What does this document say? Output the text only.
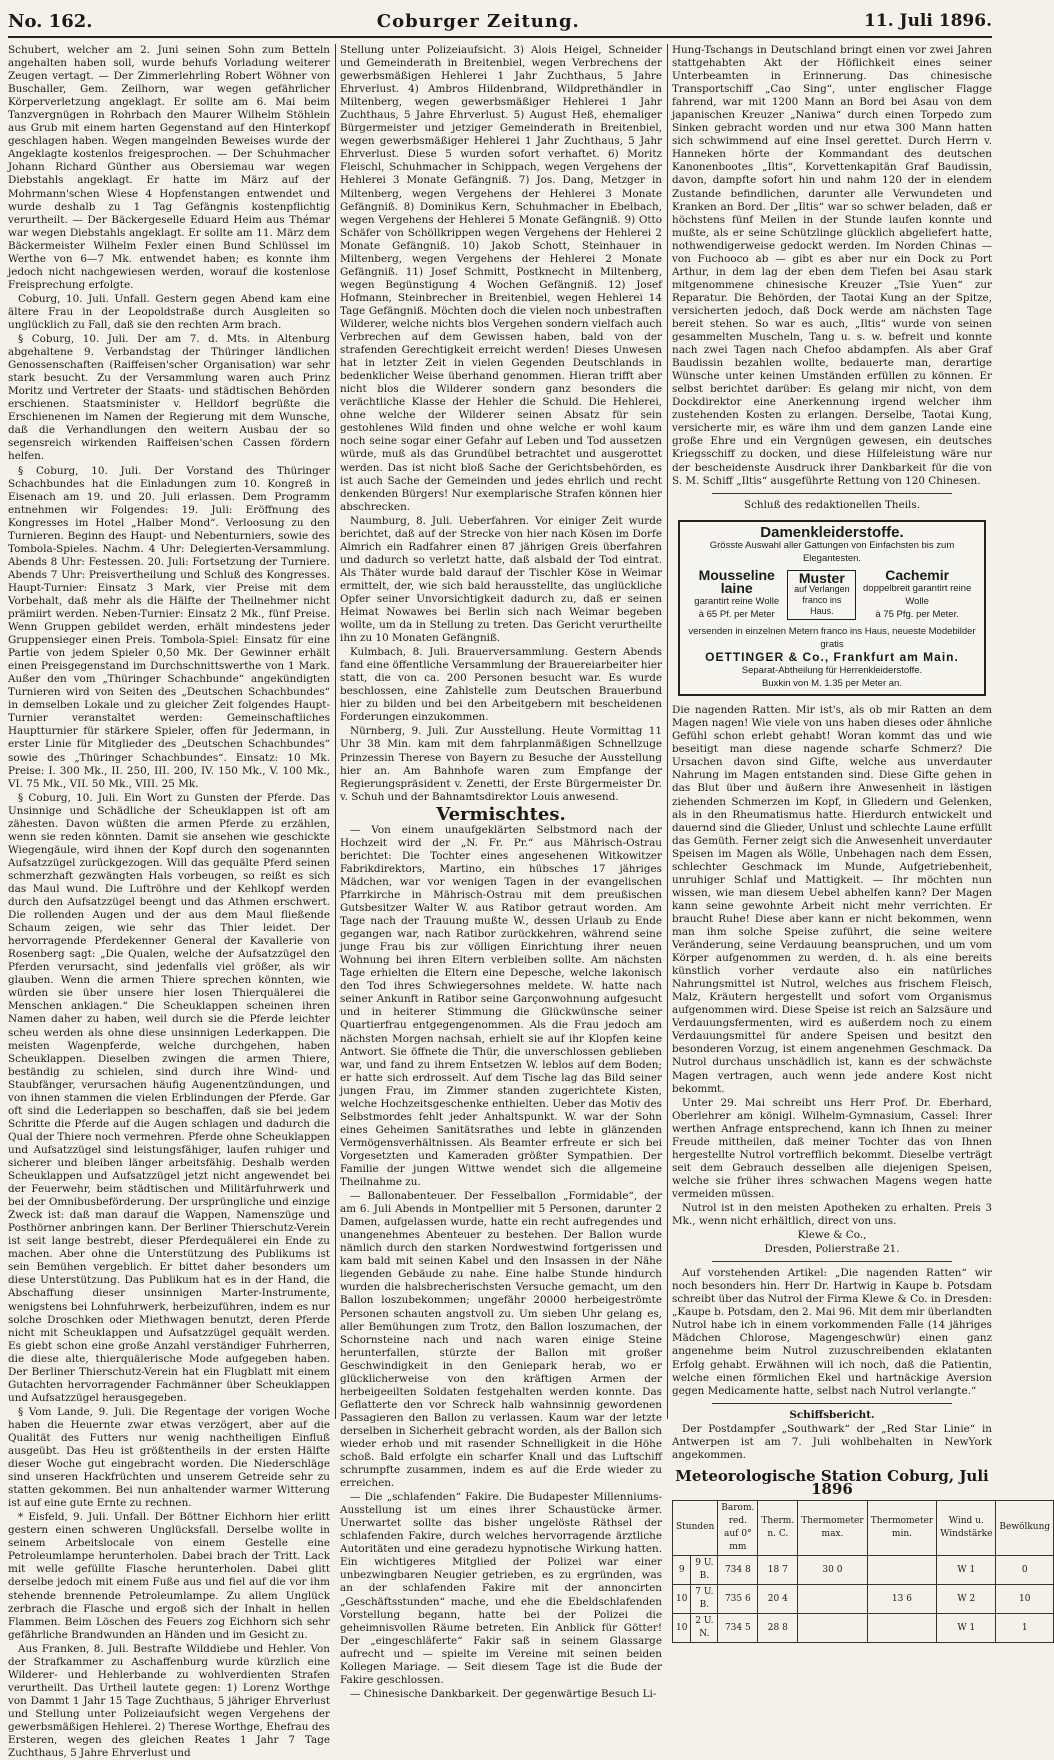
No. 162.	Coburger Zeitung.	11. Juli 1896.

Schubert, welcher am 2. Juni seinen Sohn zum Betteln angehalten haben soll, wurde behufs Vorladung weiterer Zeugen vertagt. — Der Zimmerlehrling Robert Wöhner von Buschaller, Gem. Zeilhorn, war wegen gefährlicher Körperverletzung angeklagt. Er sollte am 6. Mai beim Tanzvergnügen in Rohrbach den Maurer Wilhelm Stöhlein aus Grub mit einem harten Gegenstand auf den Hinterkopf geschlagen haben. Wegen mangelnden Beweises wurde der Angeklagte kostenlos freigesprochen. — Der Schuhmacher Johann Richard Günther aus Obersiemau war wegen Diebstahls angeklagt. Er hatte im März auf der Mohrmann'schen Wiese 4 Hopfenstangen entwendet und wurde deshalb zu 1 Tag Gefängnis kostenpflichtig verurtheilt. — Der Bäckergeselle Eduard Heim aus Thémar war wegen Diebstahls angeklagt. Er sollte am 11. März dem Bäckermeister Wilhelm Fexler einen Bund Schlüssel im Werthe von 6—7 Mk. entwendet haben; es konnte ihm jedoch nicht nachgewiesen werden, worauf die kostenlose Freisprechung erfolgte.

Coburg, 10. Juli. Unfall. Gestern gegen Abend kam eine ältere Frau in der Leopoldstraße durch Ausgleiten so unglücklich zu Fall, daß sie den rechten Arm brach.

§ Coburg, 10. Juli. Der am 7. d. Mts. in Altenburg abgehaltene 9. Verbandstag der Thüringer ländlichen Genossenschaften (Raiffeisen'scher Organisation) war sehr stark besucht. Zu der Versammlung waren auch Prinz Moritz und Vertreter der Staats- und städtischen Behörden erschienen. Staatsminister v. Helldorf begrüßte die Erschienenen im Namen der Regierung mit dem Wunsche, daß die Verhandlungen den weitern Ausbau der so segensreich wirkenden Raiffeisen'schen Cassen fördern helfen.

§ Coburg, 10. Juli. Der Vorstand des Thüringer Schachbundes hat die Einladungen zum 10. Kongreß in Eisenach am 19. und 20. Juli erlassen. Dem Programm entnehmen wir Folgendes: 19. Juli: Eröffnung des Kongresses im Hotel „Halber Mond“. Verloosung zu den Turnieren. Beginn des Haupt- und Nebenturniers, sowie des Tombola-Spieles. Nachm. 4 Uhr: Delegierten-Versammlung. Abends 8 Uhr: Festessen. 20. Juli: Fortsetzung der Turniere. Abends 7 Uhr: Preisvertheilung und Schluß des Kongresses. Haupt-Turnier: Einsatz 3 Mark, vier Preise mit dem Vorbehalt, daß mehr als die Hälfte der Theilnehmer nicht prämiirt werden. Neben-Turnier: Einsatz 2 Mk., fünf Preise. Wenn Gruppen gebildet werden, erhält mindestens jeder Gruppensieger einen Preis. Tombola-Spiel: Einsatz für eine Partie von jedem Spieler 0,50 Mk. Der Gewinner erhält einen Preisgegenstand im Durchschnittswerthe von 1 Mark. Außer den vom „Thüringer Schachbunde“ angekündigten Turnieren wird von Seiten des „Deutschen Schachbundes“ in demselben Lokale und zu gleicher Zeit folgendes Haupt-Turnier veranstaltet werden: Gemeinschaftliches Hauptturnier für stärkere Spieler, offen für Jedermann, in erster Linie für Mitglieder des „Deutschen Schachbundes“ sowie des „Thüringer Schachbundes“. Einsatz: 10 Mk. Preise: I. 300 Mk., II. 250, III. 200, IV. 150 Mk., V. 100 Mk., VI. 75 Mk., VII. 50 Mk., VIII. 25 Mk.

§ Coburg, 10. Juli. Ein Wort zu Gunsten der Pferde. Das Unsinnige und Schädliche der Scheuklappen ist oft am zähesten. Davon wüßten die armen Pferde zu erzählen, wenn sie reden könnten. Damit sie ansehen wie geschickte Wiegengäule, wird ihnen der Kopf durch den sogenannten Aufsatzzügel zurückgezogen. Will das gequälte Pferd seinen schmerzhaft gezwängten Hals vorbeugen, so reißt es sich das Maul wund. Die Luftröhre und der Kehlkopf werden durch den Aufsatzzügel beengt und das Athmen erschwert. Die rollenden Augen und der aus dem Maul fließende Schaum zeigen, wie sehr das Thier leidet. Der hervorragende Pferdekenner General der Kavallerie von Rosenberg sagt: „Die Qualen, welche der Aufsatzzügel den Pferden verursacht, sind jedenfalls viel größer, als wir glauben. Wenn die armen Thiere sprechen könnten, wie würden sie über unsere hier losen Thierquälerei die Menschen anklagen.“ Die Scheuklappen scheinen ihren Namen daher zu haben, weil durch sie die Pferde leichter scheu werden als ohne diese unsinnigen Lederkappen. Die meisten Wagenpferde, welche durchgehen, haben Scheuklappen. Dieselben zwingen die armen Thiere, beständig zu schielen, sind durch ihre Wind- und Staubfänger, verursachen häufig Augenentzündungen, und von ihnen stammen die vielen Erblindungen der Pferde. Gar oft sind die Lederlappen so beschaffen, daß sie bei jedem Schritte die Pferde auf die Augen schlagen und dadurch die Qual der Thiere noch vermehren. Pferde ohne Scheuklappen und Aufsatzzügel sind leistungsfähiger, laufen ruhiger und sicherer und bleiben länger arbeitsfähig. Deshalb werden Scheuklappen und Aufsatzzügel jetzt nicht angewendet bei der Feuerwehr, beim städtischen und Militärfuhrwerk und bei der Omnibusbeförderung. Der ursprüngliche und einzige Zweck ist: daß man darauf die Wappen, Namenszüge und Posthörner anbringen kann. Der Berliner Thierschutz-Verein ist seit lange bestrebt, dieser Pferdequälerei ein Ende zu machen. Aber ohne die Unterstützung des Publikums ist sein Bemühen vergeblich. Er bittet daher besonders um diese Unterstützung. Das Publikum hat es in der Hand, die Abschaffung dieser unsinnigen Marter-Instrumente, wenigstens bei Lohnfuhrwerk, herbeizuführen, indem es nur solche Droschken oder Miethwagen benutzt, deren Pferde nicht mit Scheuklappen und Aufsatzzügel gequält werden. Es giebt schon eine große Anzahl verständiger Fuhrherren, die diese alte, thierquälerische Mode aufgegeben haben. Der Berliner Thierschutz-Verein hat ein Flugblatt mit einem Gutachten hervorragender Fachmänner über Scheuklappen und Aufsatzzügel herausgegeben.

§ Vom Lande, 9. Juli. Die Regentage der vorigen Woche haben die Heuernte zwar etwas verzögert, aber auf die Qualität des Futters nur wenig nachtheiligen Einfluß ausgeübt. Das Heu ist größtentheils in der ersten Hälfte dieser Woche gut eingebracht worden. Die Niederschläge sind unseren Hackfrüchten und unserem Getreide sehr zu statten gekommen. Bei nun anhaltender warmer Witterung ist auf eine gute Ernte zu rechnen.

* Eisfeld, 9. Juli. Unfall. Der Böttner Eichhorn hier erlitt gestern einen schweren Unglücksfall. Derselbe wollte in seinem Arbeitslocale von einem Gestelle eine Petroleumlampe herunterholen. Dabei brach der Tritt. Lack mit welle gefüllte Flasche herunterholen. Dabei glitt derselbe jedoch mit einem Fuße aus und fiel auf die vor ihm stehende brennende Petroleumlampe. Zu allem Unglück zerbrach die Flasche und ergoß sich der Inhalt in hellen Flammen. Beim Löschen des Feuers zog Eichhorn sich sehr gefährliche Brandwunden an Händen und im Gesicht zu.

Aus Franken, 8. Juli. Bestrafte Wilddiebe und Hehler. Von der Strafkammer zu Aschaffenburg wurde kürzlich eine Wilderer- und Hehlerbande zu wohlverdienten Strafen verurtheilt. Das Urtheil lautete gegen: 1) Lorenz Worthge von Dammt 1 Jahr 15 Tage Zuchthaus, 5 jähriger Ehrverlust und Stellung unter Polizeiaufsicht wegen Vergehens der gewerbsmäßigen Hehlerei. 2) Therese Worthge, Ehefrau des Ersteren, wegen des gleichen Reates 1 Jahr 7 Tage Zuchthaus, 5 Jahre Ehrverlust und

Stellung unter Polizeiaufsicht. 3) Alois Heigel, Schneider und Gemeinderath in Breitenbiel, wegen Verbrechens der gewerbsmäßigen Hehlerei 1 Jahr Zuchthaus, 5 Jahre Ehrverlust. 4) Ambros Hildenbrand, Wildprethändler in Miltenberg, wegen gewerbsmäßiger Hehlerei 1 Jahr Zuchthaus, 5 Jahre Ehrverlust. 5) August Heß, ehemaliger Bürgermeister und jetziger Gemeinderath in Breitenbiel, wegen gewerbsmäßiger Hehlerei 1 Jahr Zuchthaus, 5 Jahr Ehrverlust. Diese 5 wurden sofort verhaftet. 6) Moritz Fleischl, Schuhmacher in Schippach, wegen Vergehens der Hehlerei 3 Monate Gefängniß. 7) Jos. Dang, Metzger in Miltenberg, wegen Vergehens der Hehlerei 3 Monate Gefängniß. 8) Dominikus Kern, Schuhmacher in Ebelbach, wegen Vergehens der Hehlerei 5 Monate Gefängniß. 9) Otto Schäfer von Schöllkrippen wegen Vergehens der Hehlerei 2 Monate Gefängniß. 10) Jakob Schott, Steinhauer in Miltenberg, wegen Vergehens der Hehlerei 2 Monate Gefängniß. 11) Josef Schmitt, Postknecht in Miltenberg, wegen Begünstigung 4 Wochen Gefängniß. 12) Josef Hofmann, Steinbrecher in Breitenbiel, wegen Hehlerei 14 Tage Gefängniß. Möchten doch die vielen noch unbestraften Wilderer, welche nichts blos Vergehen sondern vielfach auch Verbrechen auf dem Gewissen haben, bald von der strafenden Gerechtigkeit erreicht werden! Dieses Unwesen hat in letzter Zeit in vielen Gegenden Deutschlands in bedenklicher Weise überhand genommen. Hieran trifft aber nicht blos die Wilderer sondern ganz besonders die verächtliche Klasse der Hehler die Schuld. Die Hehlerei, ohne welche der Wilderer seinen Absatz für sein gestohlenes Wild finden und ohne welche er wohl kaum noch seine sogar einer Gefahr auf Leben und Tod aussetzen würde, muß als das Grundübel betrachtet und ausgerottet werden. Das ist nicht bloß Sache der Gerichtsbehörden, es ist auch Sache der Gemeinden und jedes ehrlich und recht denkenden Bürgers! Nur exemplarische Strafen können hier abschrecken.

Naumburg, 8. Juli. Ueberfahren. Vor einiger Zeit wurde berichtet, daß auf der Strecke von hier nach Kösen im Dorfe Almrich ein Radfahrer einen 87 jährigen Greis überfahren und dadurch so verletzt hatte, daß alsbald der Tod eintrat. Als Thäter wurde bald darauf der Tischler Köse in Weimar ermittelt, der, wie sich bald herausstellte, das unglückliche Opfer seiner Unvorsichtigkeit dadurch zu, daß er seinen Heimat Nowawes bei Berlin sich nach Weimar begeben wollte, um da in Stellung zu treten. Das Gericht verurtheilte ihn zu 10 Monaten Gefängniß.

Kulmbach, 8. Juli. Brauerversammlung. Gestern Abends fand eine öffentliche Versammlung der Brauereiarbeiter hier statt, die von ca. 200 Personen besucht war. Es wurde beschlossen, eine Zahlstelle zum Deutschen Brauerbund hier zu bilden und bei den Arbeitgebern mit bescheidenen Forderungen einzukommen.

Nürnberg, 9. Juli. Zur Ausstellung. Heute Vormittag 11 Uhr 38 Min. kam mit dem fahrplanmäßigen Schnellzuge Prinzessin Therese von Bayern zu Besuche der Ausstellung hier an. Am Bahnhofe waren zum Empfange der Regierungspräsident v. Zenetti, der Erste Bürgermeister Dr. v. Schuh und der Bahnamtsdirektor Louis anwesend.

Vermischtes.

— Von einem unaufgeklärten Selbstmord nach der Hochzeit wird der „N. Fr. Pr.“ aus Mährisch-Ostrau berichtet: Die Tochter eines angesehenen Witkowitzer Fabrikdirektors, Martino, ein hübsches 17 jähriges Mädchen, war vor wenigen Tagen in der evangelischen Pfarrkirche in Mährisch-Ostrau mit dem preußischen Gutsbesitzer Walter W. aus Ratibor getraut worden. Am Tage nach der Trauung mußte W., dessen Urlaub zu Ende gegangen war, nach Ratibor zurückkehren, während seine junge Frau bis zur völligen Einrichtung ihrer neuen Wohnung bei ihren Eltern verbleiben sollte. Am nächsten Tage erhielten die Eltern eine Depesche, welche lakonisch den Tod ihres Schwiegersohnes meldete. W. hatte nach seiner Ankunft in Ratibor seine Garçonwohnung aufgesucht und in heiterer Stimmung die Glückwünsche seiner Quartierfrau entgegengenommen. Als die Frau jedoch am nächsten Morgen nachsah, erhielt sie auf ihr Klopfen keine Antwort. Sie öffnete die Thür, die unverschlossen geblieben war, und fand zu ihrem Entsetzen W. leblos auf dem Boden; er hatte sich erdrosselt. Auf dem Tische lag das Bild seiner jungen Frau, im Zimmer standen zugerichtete Kisten, welche Hochzeitsgeschenke enthielten. Ueber das Motiv des Selbstmordes fehlt jeder Anhaltspunkt. W. war der Sohn eines Geheimen Sanitätsrathes und lebte in glänzenden Vermögensverhältnissen. Als Beamter erfreute er sich bei Vorgesetzten und Kameraden größter Sympathien. Der Familie der jungen Wittwe wendet sich die allgemeine Theilnahme zu.

— Ballonabenteuer. Der Fesselballon „Formidable“, der am 6. Juli Abends in Montpellier mit 5 Personen, darunter 2 Damen, aufgelassen wurde, hatte ein recht aufregendes und unangenehmes Abenteuer zu bestehen. Der Ballon wurde nämlich durch den starken Nordwestwind fortgerissen und kam bald mit seinen Kabel und den Insassen in der Nähe liegenden Gebäude zu nahe. Eine halbe Stunde hindurch wurden die halsbrecherischsten Versuche gemacht, um den Ballon loszubekommen; ungefähr 20000 herbeigeströmte Personen schauten angstvoll zu. Um sieben Uhr gelang es, aller Bemühungen zum Trotz, den Ballon loszumachen, der Schornsteine nach und nach waren einige Steine herunterfallen, stürzte der Ballon mit großer Geschwindigkeit in den Geniepark herab, wo er glücklicherweise von den kräftigen Armen der herbeigeeilten Soldaten festgehalten werden konnte. Das Geflatterte den vor Schreck halb wahnsinnig gewordenen Passagieren den Ballon zu verlassen. Kaum war der letzte derselben in Sicherheit gebracht worden, als der Ballon sich wieder erhob und mit rasender Schnelligkeit in die Höhe schoß. Bald erfolgte ein scharfer Knall und das Luftschiff schrumpfte zusammen, indem es auf die Erde wieder zu erreichen.

— Die „schlafenden“ Fakire. Die Budapester Millenniums-Ausstellung ist um eines ihrer Schaustücke ärmer. Unerwartet sollte das bisher ungelöste Räthsel der schlafenden Fakire, durch welches hervorragende ärztliche Autoritäten und eine geradezu hypnotische Wirkung hatten. Ein wichtigeres Mitglied der Polizei war einer unbezwingbaren Neugier getrieben, es zu ergründen, was an der schlafenden Fakire mit der annoncirten „Geschäftsstunden“ mache, und ehe die Ebeldschlafenden Vorstellung begann, hatte bei der Polizei die geheimnisvollen Räume betreten. Ein Anblick für Götter! Der „eingeschläferte“ Fakir saß in seinem Glassarge aufrecht und — spielte im Vereine mit seinen beiden Kollegen Mariage. — Seit diesem Tage ist die Bude der Fakire geschlossen.

— Chinesische Dankbarkeit. Der gegenwärtige Besuch Li-

Hung-Tschangs in Deutschland bringt einen vor zwei Jahren stattgehabten Akt der Höflichkeit eines seiner Unterbeamten in Erinnerung. Das chinesische Transportschiff „Cao Sing“, unter englischer Flagge fahrend, war mit 1200 Mann an Bord bei Asau von dem japanischen Kreuzer „Naniwa“ durch einen Torpedo zum Sinken gebracht worden und nur etwa 300 Mann hatten sich schwimmend auf eine Insel gerettet. Durch Herrn v. Hanneken hörte der Kommandant des deutschen Kanonenbootes „Iltis“, Korvettenkapitän Graf Baudissin, davon, dampfte sofort hin und nahm 120 der in elendem Zustande befindlichen, darunter alle Verwundeten und Kranken an Bord. Der „Iltis“ war so schwer beladen, daß er höchstens fünf Meilen in der Stunde laufen konnte und mußte, als er seine Schützlinge glücklich abgeliefert hatte, nothwendigerweise gedockt werden. Im Norden Chinas — von Fuchooco ab — gibt es aber nur ein Dock zu Port Arthur, in dem lag der eben dem Tiefen bei Asau stark mitgenommene chinesische Kreuzer „Tsie Yuen“ zur Reparatur. Die Behörden, der Taotai Kung an der Spitze, versicherten jedoch, daß Dock werde am nächsten Tage bereit stehen. So war es auch, „Iltis“ wurde von seinen gesammelten Muscheln, Tang u. s. w. befreit und konnte nach zwei Tagen nach Chefoo abdampfen. Als aber Graf Baudissin bezahlen wollte, bedauerte man, derartige Wünsche unter keinen Umständen erfüllen zu können. Er selbst berichtet darüber: Es gelang mir nicht, von dem Dockdirektor eine Anerkennung irgend welcher ihm zustehenden Kosten zu erlangen. Derselbe, Taotai Kung, versicherte mir, es wäre ihm und dem ganzen Lande eine große Ehre und ein Vergnügen gewesen, ein deutsches Kriegsschiff zu docken, und diese Hilfeleistung wäre nur der bescheidenste Ausdruck ihrer Dankbarkeit für die von S. M. Schiff „Iltis“ ausgeführte Rettung von 120 Chinesen.

Schluß des redaktionellen Theils.

Damenkleiderstoffe.
Grösste Auswahl aller Gattungen von Einfachsten bis zum Elegantesten.
Mousseline laine
garantirt reine Wolle
à 65 Pf. per Meter
Muster
auf Verlangen
franco ins Haus.
Cachemir
doppelbreit garantirt reine Wolle
à 75 Pfg. per Meter.
versenden in einzelnen Metern franco ins Haus, neueste Modebilder gratis
OETTINGER & Co., Frankfurt am Main.
Separat-Abtheilung für Herrenkleiderstoffe.
Buxkin von M. 1.35 per Meter an.

Die nagenden Ratten. Mir ist's, als ob mir Ratten an dem Magen nagen! Wie viele von uns haben dieses oder ähnliche Gefühl schon erlebt gehabt! Woran kommt das und wie beseitigt man diese nagende scharfe Schmerz? Die Ursachen davon sind Gifte, welche aus unverdauter Nahrung im Magen entstanden sind. Diese Gifte gehen in das Blut über und äußern ihre Anwesenheit in lästigen ziehenden Schmerzen im Kopf, in Gliedern und Gelenken, als in den Rheumatismus hatte. Hierdurch entwickelt und dauernd sind die Glieder, Unlust und schlechte Laune erfüllt das Gemüth. Ferner zeigt sich die Anwesenheit unverdauter Speisen im Magen als Wölle, Unbehagen nach dem Essen, schlechter Geschmack im Munde, Aufgetriebenheit, unruhiger Schlaf und Mattigkeit. — Ihr möchten nun wissen, wie man diesem Uebel abhelfen kann? Der Magen kann seine gewohnte Arbeit nicht mehr verrichten. Er braucht Ruhe! Diese aber kann er nicht bekommen, wenn man ihm solche Speise zuführt, die seine weitere Veränderung, seine Verdauung beanspruchen, und um vom Körper aufgenommen zu werden, d. h. als eine bereits künstlich vorher verdaute also ein natürliches Nahrungsmittel ist Nutrol, welches aus frischem Fleisch, Malz, Kräutern hergestellt und sofort vom Organismus aufgenommen wird. Diese Speise ist reich an Salzsäure und Verdauungsfermenten, wird es außerdem noch zu einem Verdauungsmittel für andere Speisen und besitzt den besonderen Vorzug, ist einem angenehmen Geschmack. Da Nutrol durchaus unschädlich ist, kann es der schwächste Magen vertragen, auch wenn jede andere Kost nicht bekommt.

Unter 29. Mai schreibt uns Herr Prof. Dr. Eberhard, Oberlehrer am königl. Wilhelm-Gymnasium, Cassel: Ihrer werthen Anfrage entsprechend, kann ich Ihnen zu meiner Freude mittheilen, daß meiner Tochter das von Ihnen hergestellte Nutrol vortrefflich bekommt. Dieselbe verträgt seit dem Gebrauch desselben alle diejenigen Speisen, welche sie früher ihres schwachen Magens wegen hatte vermeiden müssen.

Nutrol ist in den meisten Apotheken zu erhalten. Preis 3 Mk., wenn nicht erhältlich, direct von uns.

Klewe & Co.,

Dresden, Polierstraße 21.

Auf vorstehenden Artikel: „Die nagenden Ratten“ wir noch besonders hin. Herr Dr. Hartwig in Kaupe b. Potsdam schreibt über das Nutrol der Firma Klewe & Co. in Dresden: „Kaupe b. Potsdam, den 2. Mai 96. Mit dem mir überlandten Nutrol habe ich in einem vorkommenden Falle (14 jähriges Mädchen Chlorose, Magengeschwür) einen ganz angenehme beim Nutrol zuzuschreibenden eklatanten Erfolg gehabt. Erwähnen will ich noch, daß die Patientin, welche einen förmlichen Ekel und hartnäckige Aversion gegen Medicamente hatte, selbst nach Nutrol verlangte.“

Schiffsbericht.

Der Postdampfer „Southwark“ der „Red Star Linie“ in Antwerpen ist am 7. Juli wohlbehalten in NewYork angekommen.

Meteorologische Station Coburg, Juli 1896
Stunden		Barom. red. auf 0° mm	Therm. n. C.	Thermometer max.	Thermometer min.	Wind u. Windstärke	Bewölkung
9	9 U. B.	734 8	18 7	30 0		W 1	0
10	7 U. B.	735 6	20 4		13 6	W 2	10
10	2 U. N.	734 5	28 8			W 1	1
